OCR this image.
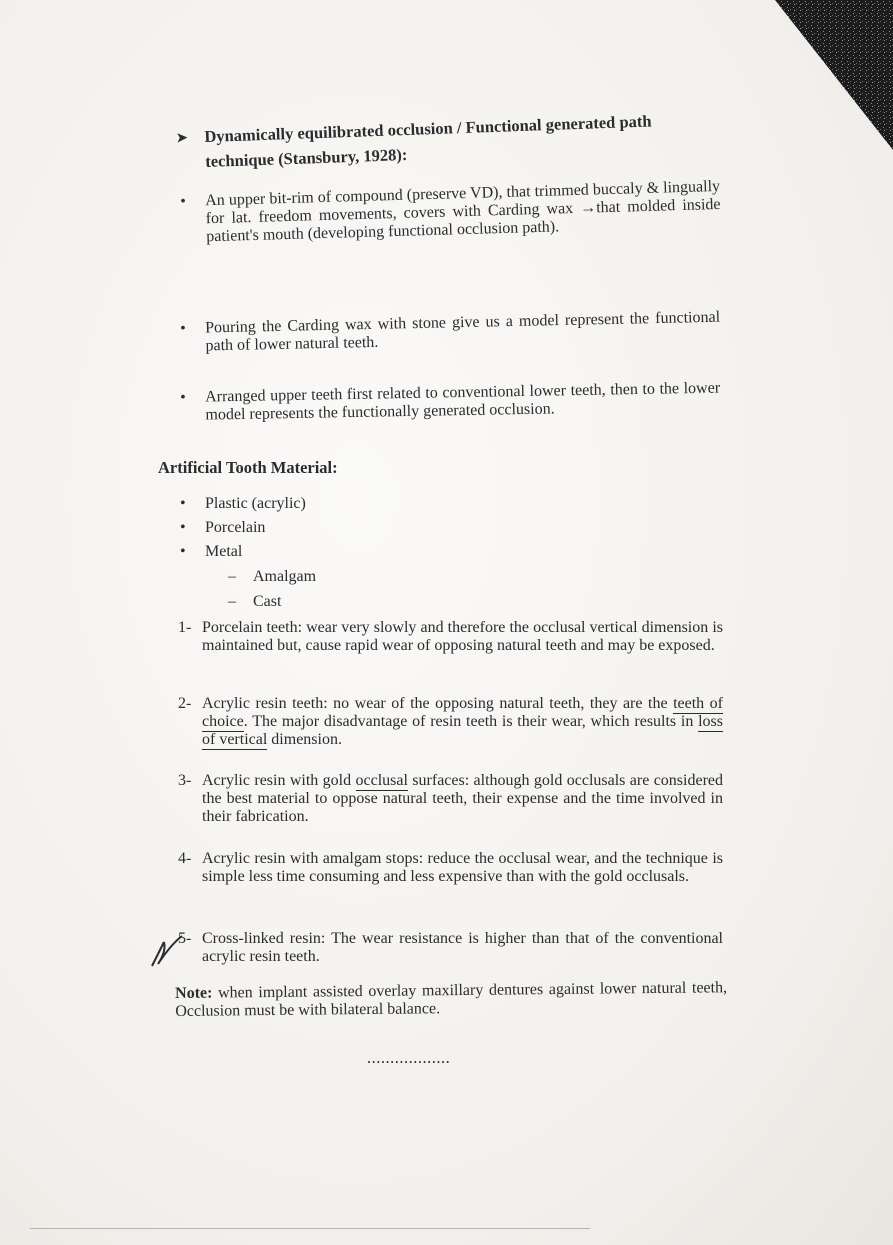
➤ Dynamically equilibrated occlusion / Functional generated path technique (Stansbury, 1928):
• An upper bit-rim of compound (preserve VD), that trimmed buccaly & lingually for lat. freedom movements, covers with Carding wax →that molded inside patient's mouth (developing functional occlusion path).
• Pouring the Carding wax with stone give us a model represent the functional path of lower natural teeth.
• Arranged upper teeth first related to conventional lower teeth, then to the lower model represents the functionally generated occlusion.
Artificial Tooth Material:
• Plastic (acrylic)
• Porcelain
• Metal
– Amalgam
– Cast
1- Porcelain teeth: wear very slowly and therefore the occlusal vertical dimension is maintained but, cause rapid wear of opposing natural teeth and may be exposed.
2- Acrylic resin teeth: no wear of the opposing natural teeth, they are the teeth of choice. The major disadvantage of resin teeth is their wear, which results in loss of vertical dimension.
3- Acrylic resin with gold occlusal surfaces: although gold occlusals are considered the best material to oppose natural teeth, their expense and the time involved in their fabrication.
4- Acrylic resin with amalgam stops: reduce the occlusal wear, and the technique is simple less time consuming and less expensive than with the gold occlusals.
5- Cross-linked resin: The wear resistance is higher than that of the conventional acrylic resin teeth.
Note: when implant assisted overlay maxillary dentures against lower natural teeth, Occlusion must be with bilateral balance.
..................
